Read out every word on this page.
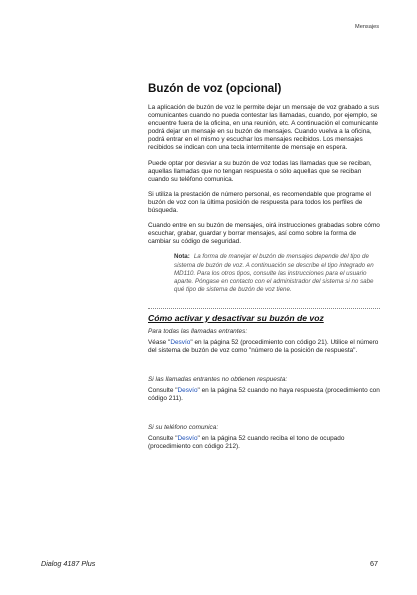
Mensajes
Buzón de voz (opcional)

La aplicación de buzón de voz le permite dejar un mensaje de voz grabado a sus comunicantes cuando no pueda contestar las llamadas, cuando, por ejemplo, se encuentre fuera de la oficina, en una reunión, etc. A continuación el comunicante podrá dejar un mensaje en su buzón de mensajes. Cuando vuelva a la oficina, podrá entrar en el mismo y escuchar los mensajes recibidos. Los mensajes recibidos se indican con una tecla intermitente de mensaje en espera.

Puede optar por desviar a su buzón de voz todas las llamadas que se reciban, aquellas llamadas que no tengan respuesta o sólo aquellas que se reciban cuando su teléfono comunica.

Si utiliza la prestación de número personal, es recomendable que programe el buzón de voz con la última posición de respuesta para todos los perfiles de búsqueda.

Cuando entre en su buzón de mensajes, oirá instrucciones grabadas sobre cómo escuchar, grabar, guardar y borrar mensajes, así como sobre la forma de cambiar su código de seguridad.

Nota: La forma de manejar el buzón de mensajes depende del tipo de sistema de buzón de voz. A continuación se describe el tipo integrado en MD110. Para los otros tipos, consulte las instrucciones para el usuario aparte. Póngase en contacto con el administrador del sistema si no sabe qué tipo de sistema de buzón de voz tiene.
Cómo activar y desactivar su buzón de voz

Para todas las llamadas entrantes:

Véase "Desvío" en la página 52 (procedimiento con código 21). Utilice el número del sistema de buzón de voz como "número de la posición de respuesta".

Si las llamadas entrantes no obtienen respuesta:

Consulte "Desvío" en la página 52 cuando no haya respuesta (procedimiento con código 211).

Si su teléfono comunica:

Consulte "Desvío" en la página 52 cuando reciba el tono de ocupado (procedimiento con código 212).

Dialog 4187 Plus	67
